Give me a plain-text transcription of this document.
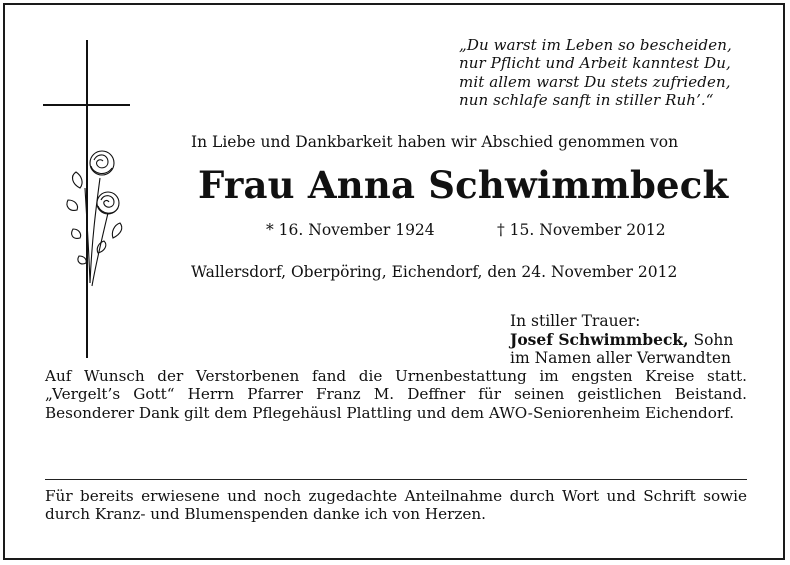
„Du warst im Leben so bescheiden,
nur Pflicht und Arbeit kanntest Du,
mit allem warst Du stets zufrieden,
nun schlafe sanft in stiller Ruh’.“

In Liebe und Dankbarkeit haben wir Abschied genommen von

Frau Anna Schwimmbeck

* 16. November 1924	† 15. November 2012

Wallersdorf, Oberpöring, Eichendorf, den 24. November 2012

In stiller Trauer:
Josef Schwimmbeck, Sohn
im Namen aller Verwandten

Auf Wunsch der Verstorbenen fand die Urnenbestattung im engsten Kreise statt. „Vergelt’s Gott“ Herrn Pfarrer Franz M. Deffner für seinen geistlichen Beistand. Besonderer Dank gilt dem Pflegehäusl Plattling und dem AWO-Seniorenheim Eichendorf.

Für bereits erwiesene und noch zugedachte Anteilnahme durch Wort und Schrift sowie durch Kranz- und Blumenspenden danke ich von Herzen.
